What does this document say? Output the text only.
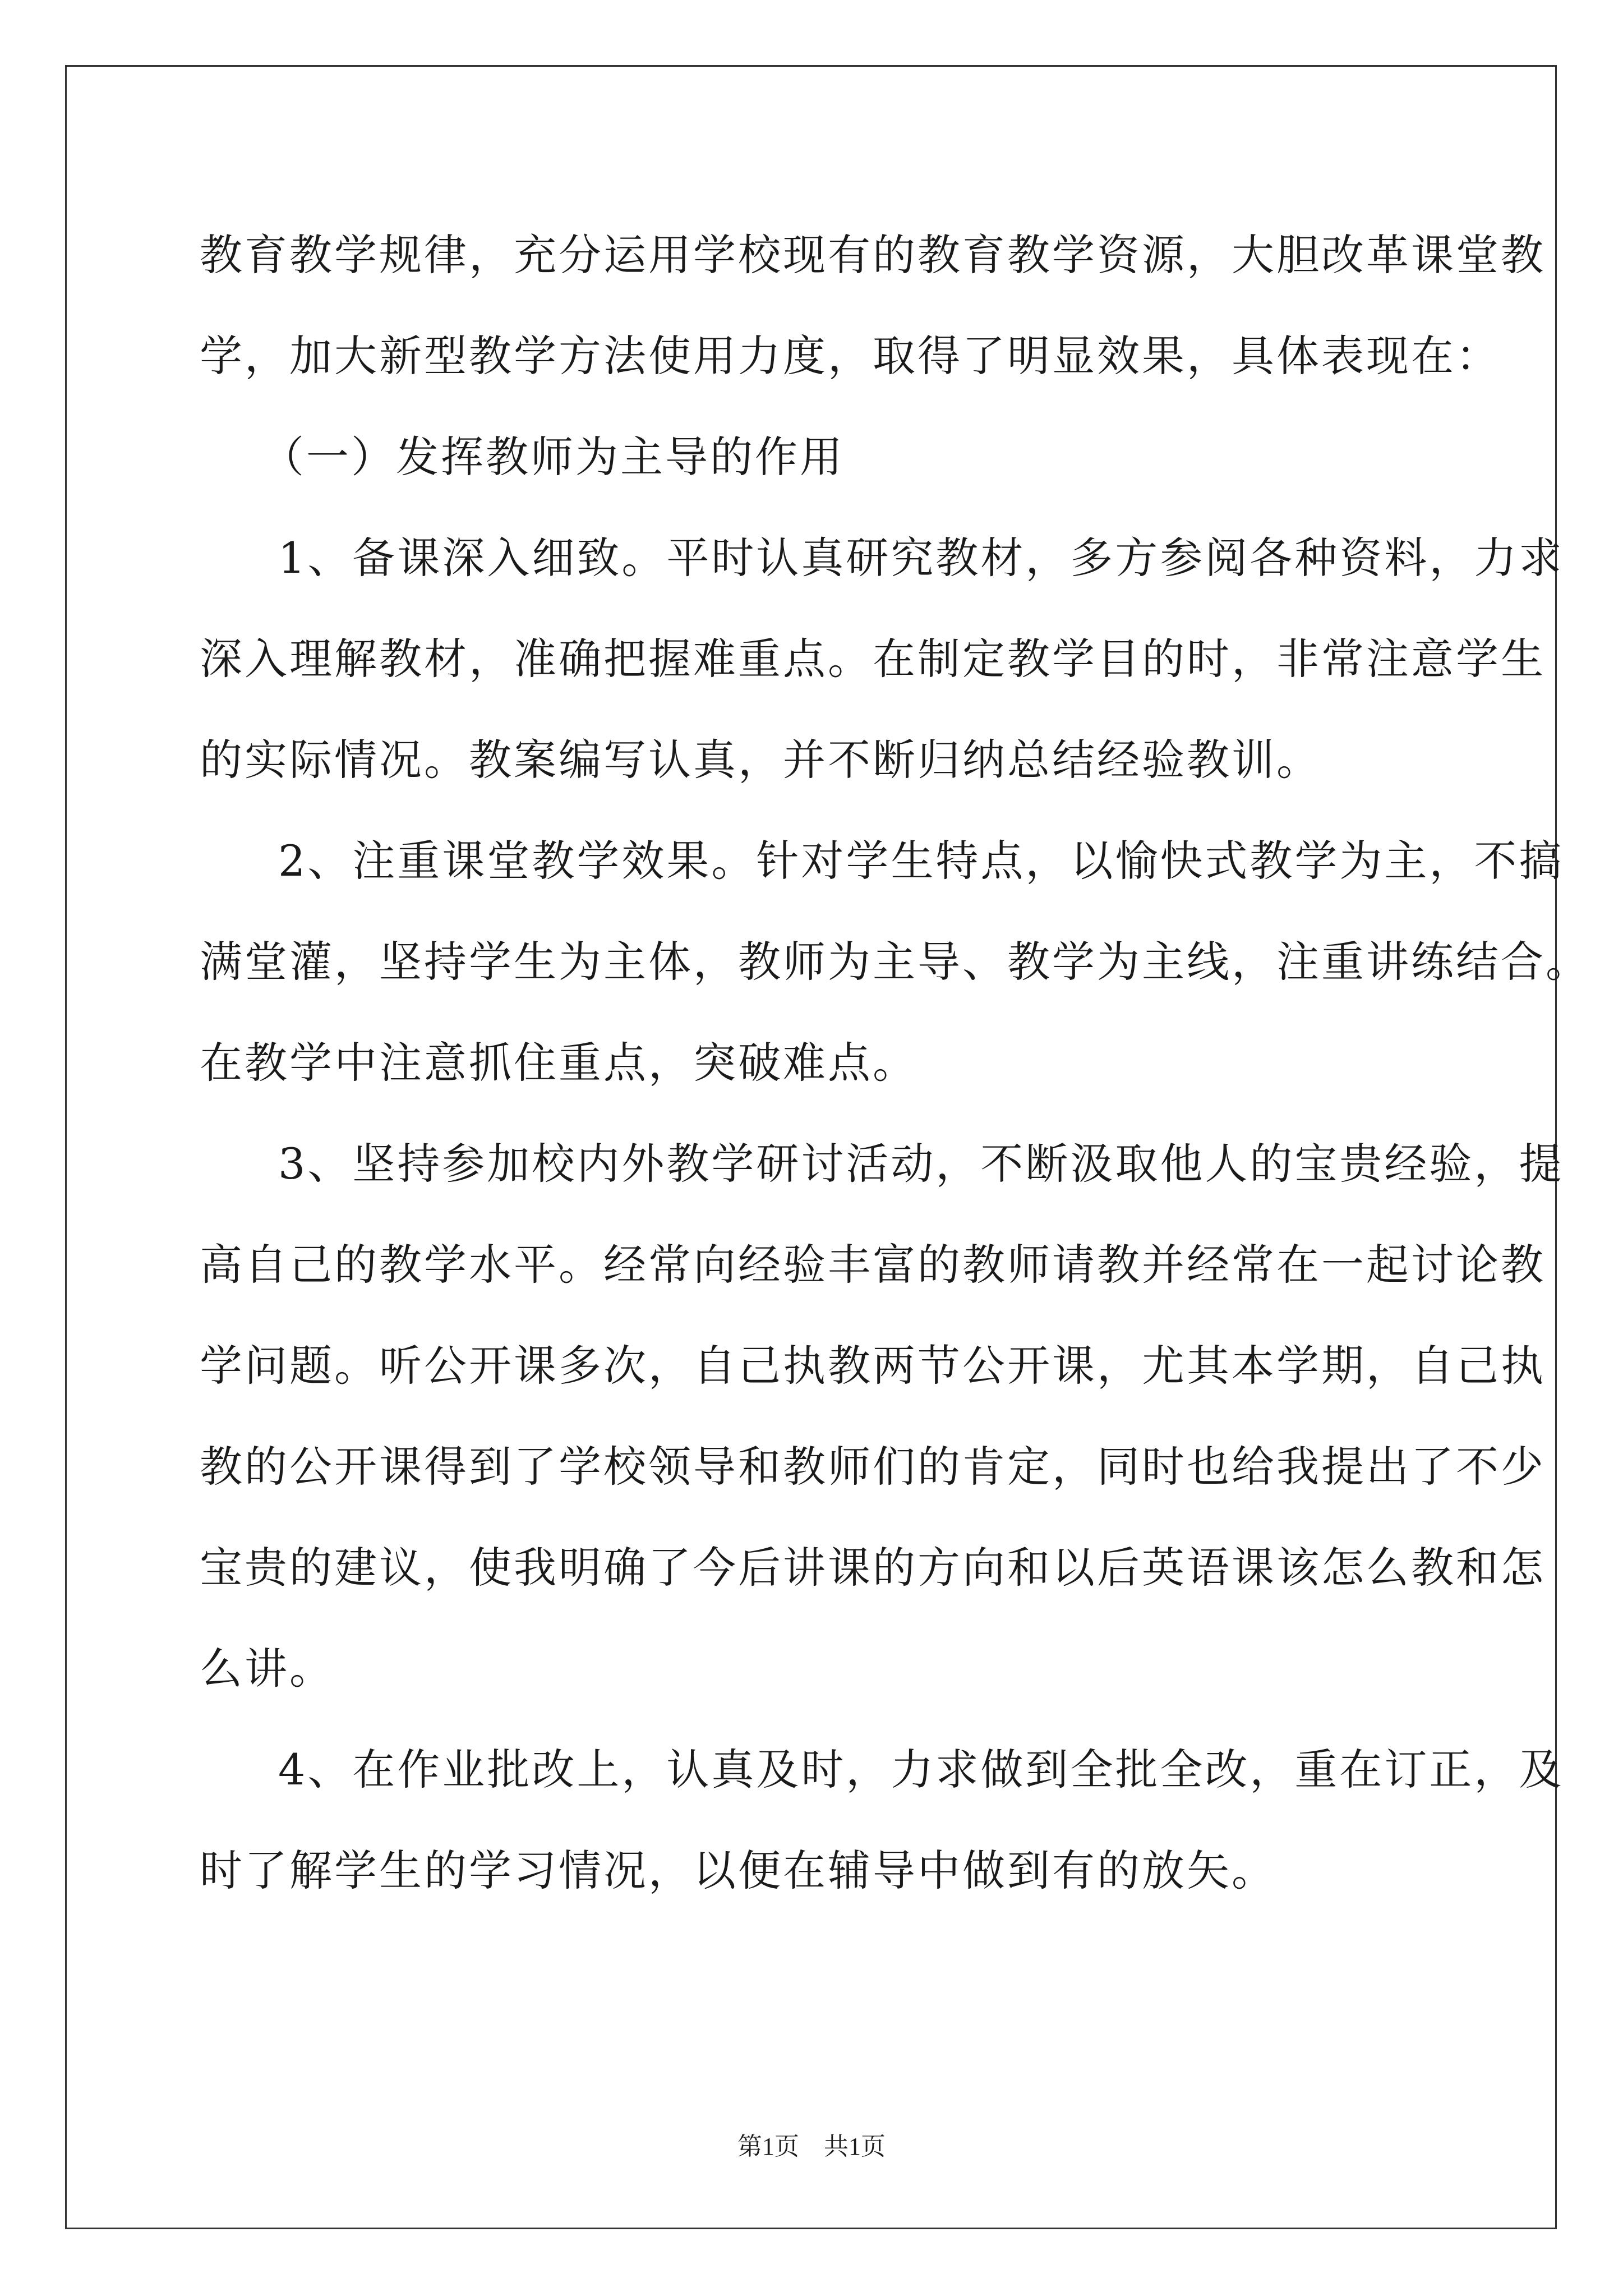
教育教学规律，充分运用学校现有的教育教学资源，大胆改革课堂教
学，加大新型教学方法使用力度，取得了明显效果，具体表现在：
（一）发挥教师为主导的作用
1、备课深入细致。平时认真研究教材，多方参阅各种资料，力求
深入理解教材，准确把握难重点。在制定教学目的时，非常注意学生
的实际情况。教案编写认真，并不断归纳总结经验教训。
2、注重课堂教学效果。针对学生特点，以愉快式教学为主，不搞
满堂灌，坚持学生为主体，教师为主导、教学为主线，注重讲练结合。
在教学中注意抓住重点，突破难点。
3、坚持参加校内外教学研讨活动，不断汲取他人的宝贵经验，提
高自己的教学水平。经常向经验丰富的教师请教并经常在一起讨论教
学问题。听公开课多次，自己执教两节公开课，尤其本学期，自己执
教的公开课得到了学校领导和教师们的肯定，同时也给我提出了不少
宝贵的建议，使我明确了今后讲课的方向和以后英语课该怎么教和怎
么讲。
4、在作业批改上，认真及时，力求做到全批全改，重在订正，及
时了解学生的学习情况，以便在辅导中做到有的放矢。
第1页　共1页
